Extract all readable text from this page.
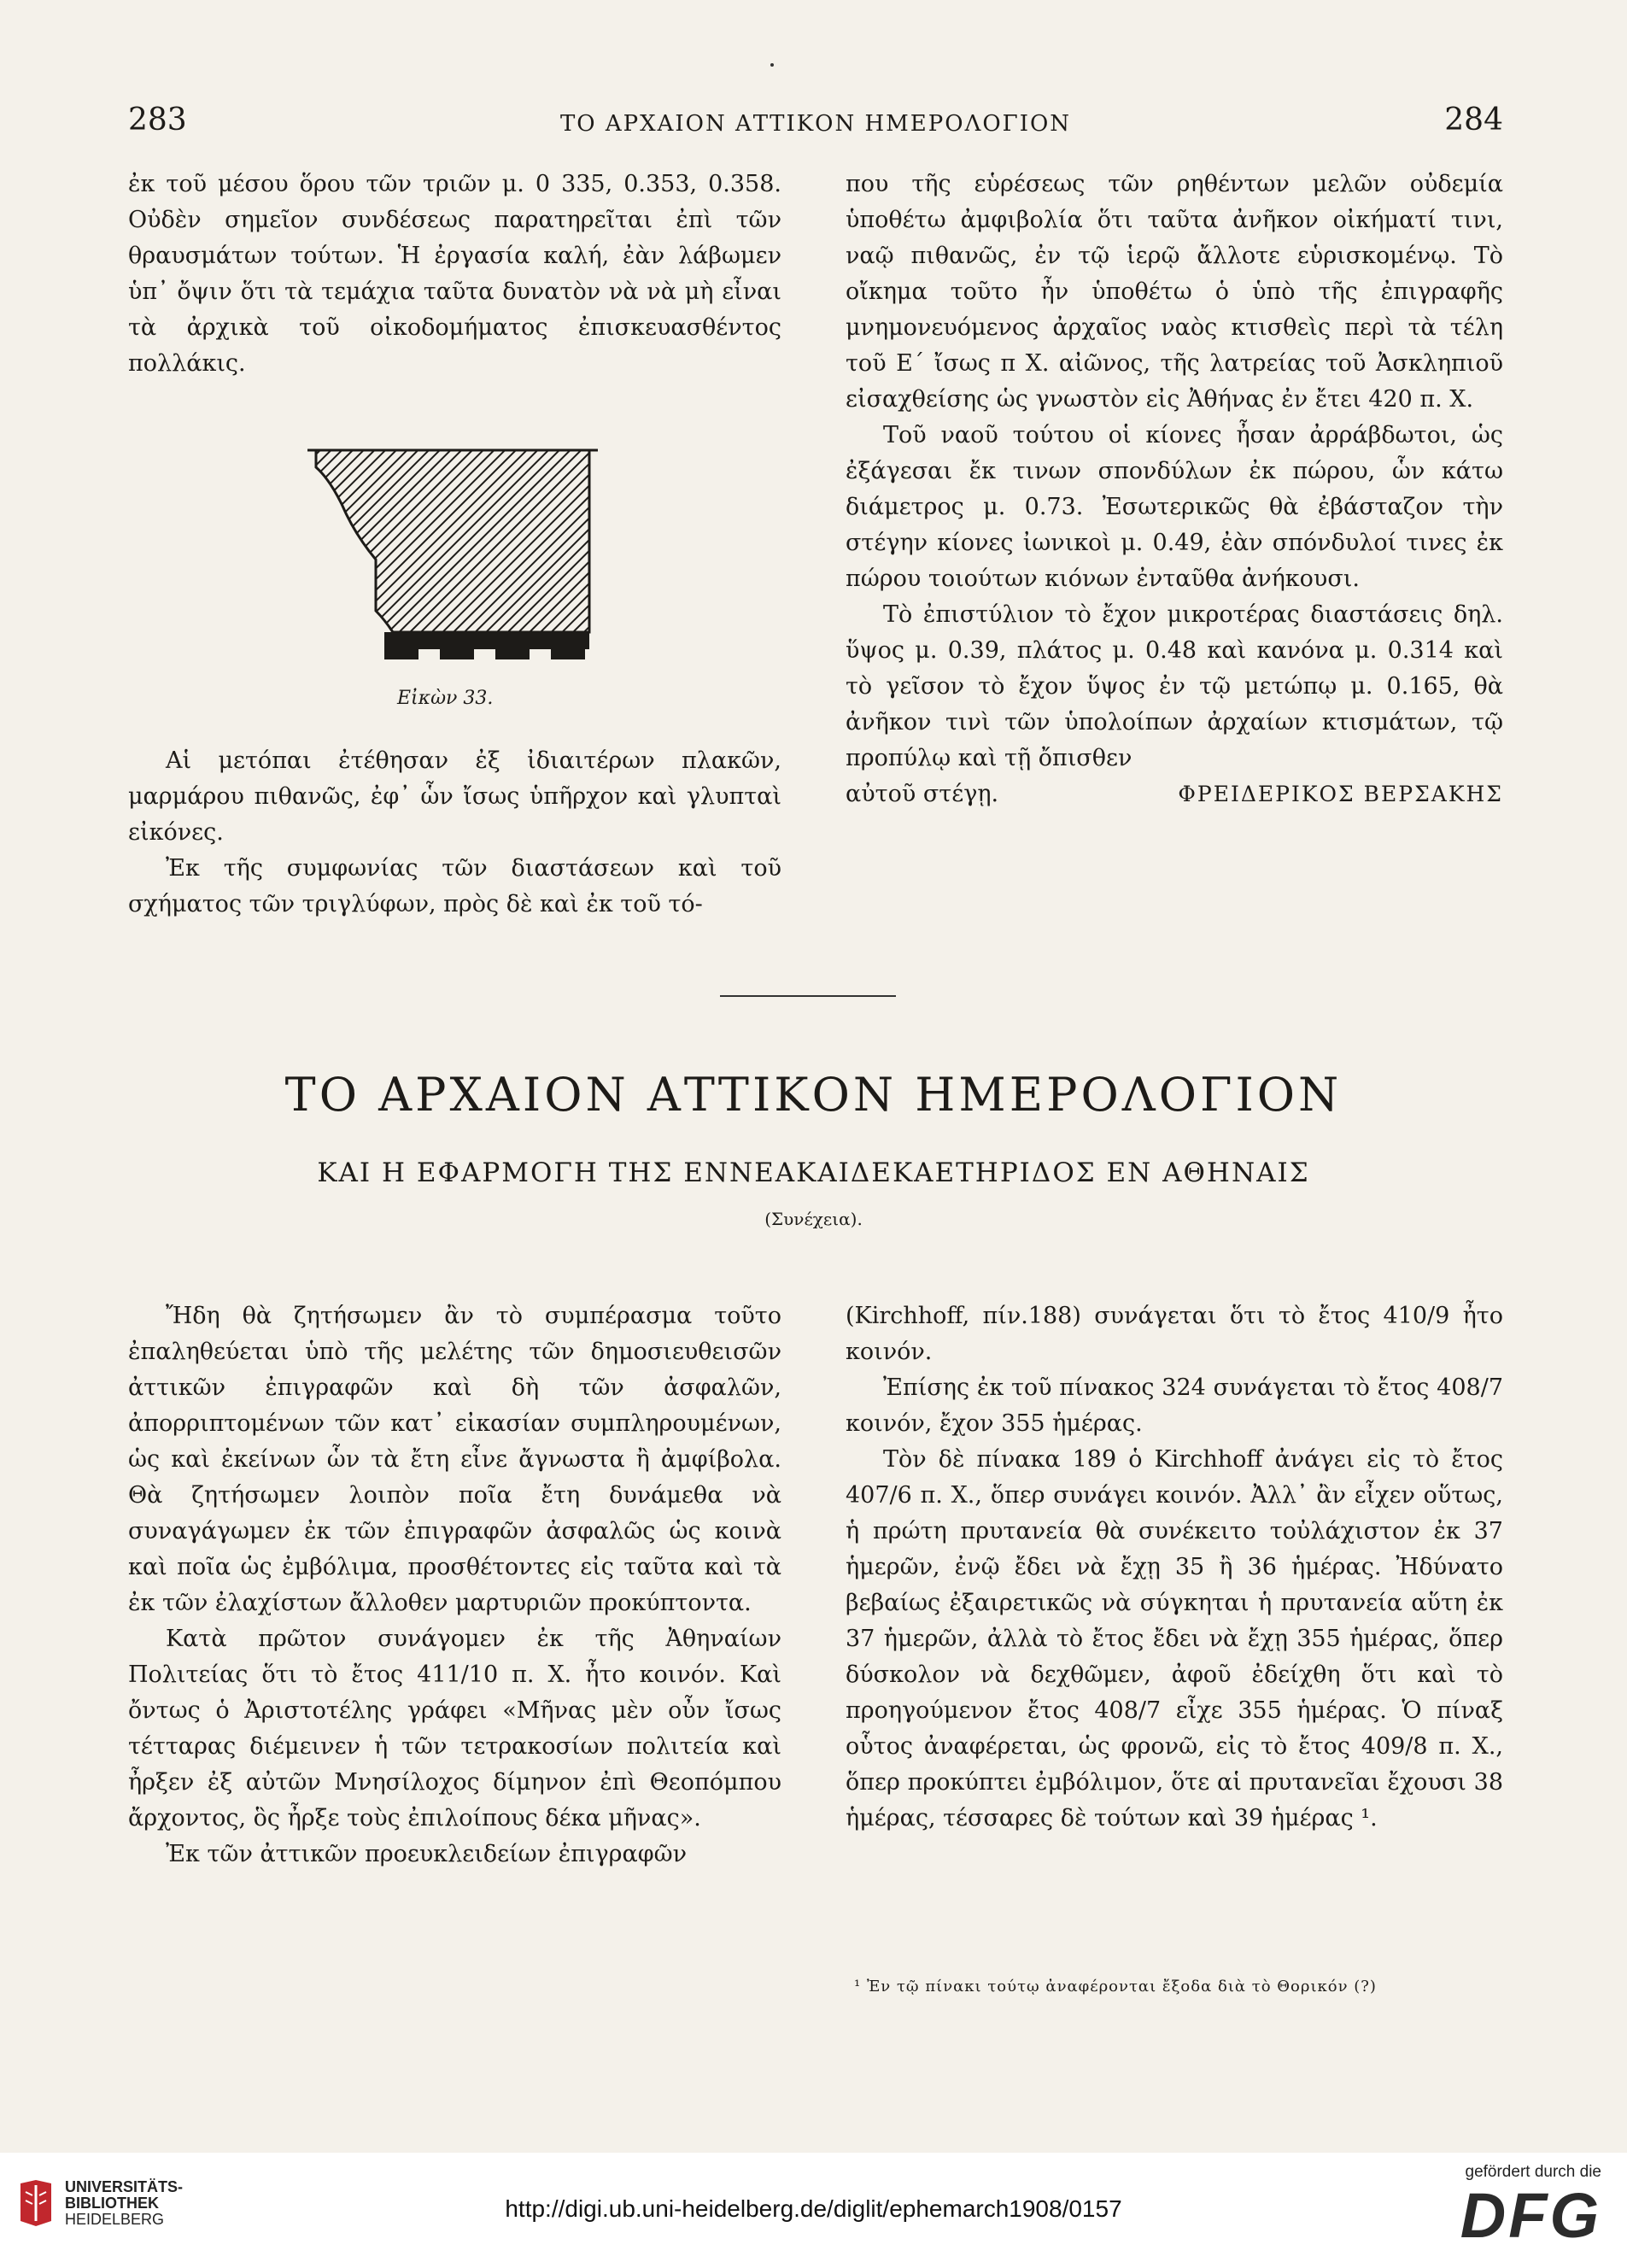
283	ΤΟ ΑΡΧΑΙΟΝ ΑΤΤΙΚΟΝ ΗΜΕΡΟΛΟΓΙΟΝ	284

ἐκ τοῦ μέσου ὅρου τῶν τριῶν μ. 0 335, 0.353, 0.358. Οὐδὲν σημεῖον συνδέσεως παρατηρεῖται ἐπὶ τῶν θραυσμάτων τούτων. Ἡ ἐργασία καλή, ἐὰν λάβωμεν ὑπ᾽ ὄψιν ὅτι τὰ τεμάχια ταῦτα δυνατὸν νὰ νὰ μὴ εἶναι τὰ ἀρχικὰ τοῦ οἰκοδομήματος ἐπισκευασθέντος πολλάκις.

Εἰκὼν 33.

Αἱ μετόπαι ἐτέθησαν ἐξ ἰδιαιτέρων πλακῶν, μαρμάρου πιθανῶς, ἐφ᾽ ὧν ἴσως ὑπῆρχον καὶ γλυπταὶ εἰκόνες.

Ἐκ τῆς συμφωνίας τῶν διαστάσεων καὶ τοῦ σχήματος τῶν τριγλύφων, πρὸς δὲ καὶ ἐκ τοῦ τό-

που τῆς εὑρέσεως τῶν ρηθέντων μελῶν οὐδεμία ὑποθέτω ἀμφιβολία ὅτι ταῦτα ἀνῆκον οἰκήματί τινι, ναῷ πιθανῶς, ἐν τῷ ἱερῷ ἄλλοτε εὑρισκομένῳ. Τὸ οἴκημα τοῦτο ἦν ὑποθέτω ὁ ὑπὸ τῆς ἐπιγραφῆς μνημονευόμενος ἀρχαῖος ναὸς κτισθεὶς περὶ τὰ τέλη τοῦ Ε´ ἴσως π Χ. αἰῶνος, τῆς λατρείας τοῦ Ἀσκληπιοῦ εἰσαχθείσης ὡς γνωστὸν εἰς Ἀθήνας ἐν ἔτει 420 π. Χ.

Τοῦ ναοῦ τούτου οἱ κίονες ἦσαν ἀρράβδωτοι, ὡς ἐξάγεσαι ἔκ τινων σπονδύλων ἐκ πώρου, ὧν κάτω διάμετρος μ. 0.73. Ἐσωτερικῶς θὰ ἐβάσταζον τὴν στέγην κίονες ἰωνικοὶ μ. 0.49, ἐὰν σπόνδυλοί τινες ἐκ πώρου τοιούτων κιόνων ἐνταῦθα ἀνήκουσι.

Τὸ ἐπιστύλιον τὸ ἔχον μικροτέρας διαστάσεις δηλ. ὕψος μ. 0.39, πλάτος μ. 0.48 καὶ κανόνα μ. 0.314 καὶ τὸ γεῖσον τὸ ἔχον ὕψος ἐν τῷ μετώπῳ μ. 0.165, θὰ ἀνῆκον τινὶ τῶν ὑπολοίπων ἀρχαίων κτισμάτων, τῷ προπύλῳ καὶ τῇ ὄπισθεν

αὐτοῦ στέγῃ.	ΦΡΕΙΔΕΡΙΚΟΣ ΒΕΡΣΑΚΗΣ
ΤΟ ΑΡΧΑΙΟΝ ΑΤΤΙΚΟΝ ΗΜΕΡΟΛΟΓΙΟΝ
ΚΑΙ Η ΕΦΑΡΜΟΓΗ ΤΗΣ ΕΝΝΕΑΚΑΙΔΕΚΑΕΤΗΡΙΔΟΣ ΕΝ ΑΘΗΝΑΙΣ
(Συνέχεια).

Ἤδη θὰ ζητήσωμεν ἂν τὸ συμπέρασμα τοῦτο ἐπαληθεύεται ὑπὸ τῆς μελέτης τῶν δημοσιευθεισῶν ἀττικῶν ἐπιγραφῶν καὶ δὴ τῶν ἀσφαλῶν, ἀπορριπτομένων τῶν κατ᾽ εἰκασίαν συμπληρουμένων, ὡς καὶ ἐκείνων ὧν τὰ ἔτη εἶνε ἄγνωστα ἢ ἀμφίβολα. Θὰ ζητήσωμεν λοιπὸν ποῖα ἔτη δυνάμεθα νὰ συναγάγωμεν ἐκ τῶν ἐπιγραφῶν ἀσφαλῶς ὡς κοινὰ καὶ ποῖα ὡς ἐμβόλιμα, προσθέτοντες εἰς ταῦτα καὶ τὰ ἐκ τῶν ἐλαχίστων ἄλλοθεν μαρτυριῶν προκύπτοντα.

Κατὰ πρῶτον συνάγομεν ἐκ τῆς Ἀθηναίων Πολιτείας ὅτι τὸ ἔτος 411/10 π. Χ. ἦτο κοινόν. Καὶ ὄντως ὁ Ἀριστοτέλης γράφει «Μῆνας μὲν οὖν ἴσως τέτταρας διέμεινεν ἡ τῶν τετρακοσίων πολιτεία καὶ ἦρξεν ἐξ αὐτῶν Μνησίλοχος δίμηνον ἐπὶ Θεοπόμπου ἄρχοντος, ὃς ἦρξε τοὺς ἐπιλοίπους δέκα μῆνας».

Ἐκ τῶν ἀττικῶν προευκλειδείων ἐπιγραφῶν

(Kirchhoff, πίν.188) συνάγεται ὅτι τὸ ἔτος 410/9 ἦτο κοινόν.

Ἐπίσης ἐκ τοῦ πίνακος 324 συνάγεται τὸ ἔτος 408/7 κοινόν, ἔχον 355 ἡμέρας.

Τὸν δὲ πίνακα 189 ὁ Kirchhoff ἀνάγει εἰς τὸ ἔτος 407/6 π. Χ., ὅπερ συνάγει κοινόν. Ἀλλ᾽ ἂν εἶχεν οὕτως, ἡ πρώτη πρυτανεία θὰ συνέκειτο τοὐλάχιστον ἐκ 37 ἡμερῶν, ἐνῷ ἔδει νὰ ἔχῃ 35 ἢ 36 ἡμέρας. Ἠδύνατο βεβαίως ἐξαιρετικῶς νὰ σύγκηται ἡ πρυτανεία αὕτη ἐκ 37 ἡμερῶν, ἀλλὰ τὸ ἔτος ἔδει νὰ ἔχῃ 355 ἡμέρας, ὅπερ δύσκολον νὰ δεχθῶμεν, ἀφοῦ ἐδείχθη ὅτι καὶ τὸ προηγούμενον ἔτος 408/7 εἶχε 355 ἡμέρας. Ὁ πίναξ οὗτος ἀναφέρεται, ὡς φρονῶ, εἰς τὸ ἔτος 409/8 π. Χ., ὅπερ προκύπτει ἐμβόλιμον, ὅτε αἱ πρυτανεῖαι ἔχουσι 38 ἡμέρας, τέσσαρες δὲ τούτων καὶ 39 ἡμέρας ¹.

¹ Ἐν τῷ πίνακι τούτῳ ἀναφέρονται ἔξοδα διὰ τὸ Θορικόν (?)
UNIVERSITÄTS-
BIBLIOTHEK
HEIDELBERG	http://digi.ub.uni-heidelberg.de/diglit/ephemarch1908/0157
gefördert durch die
DFG
